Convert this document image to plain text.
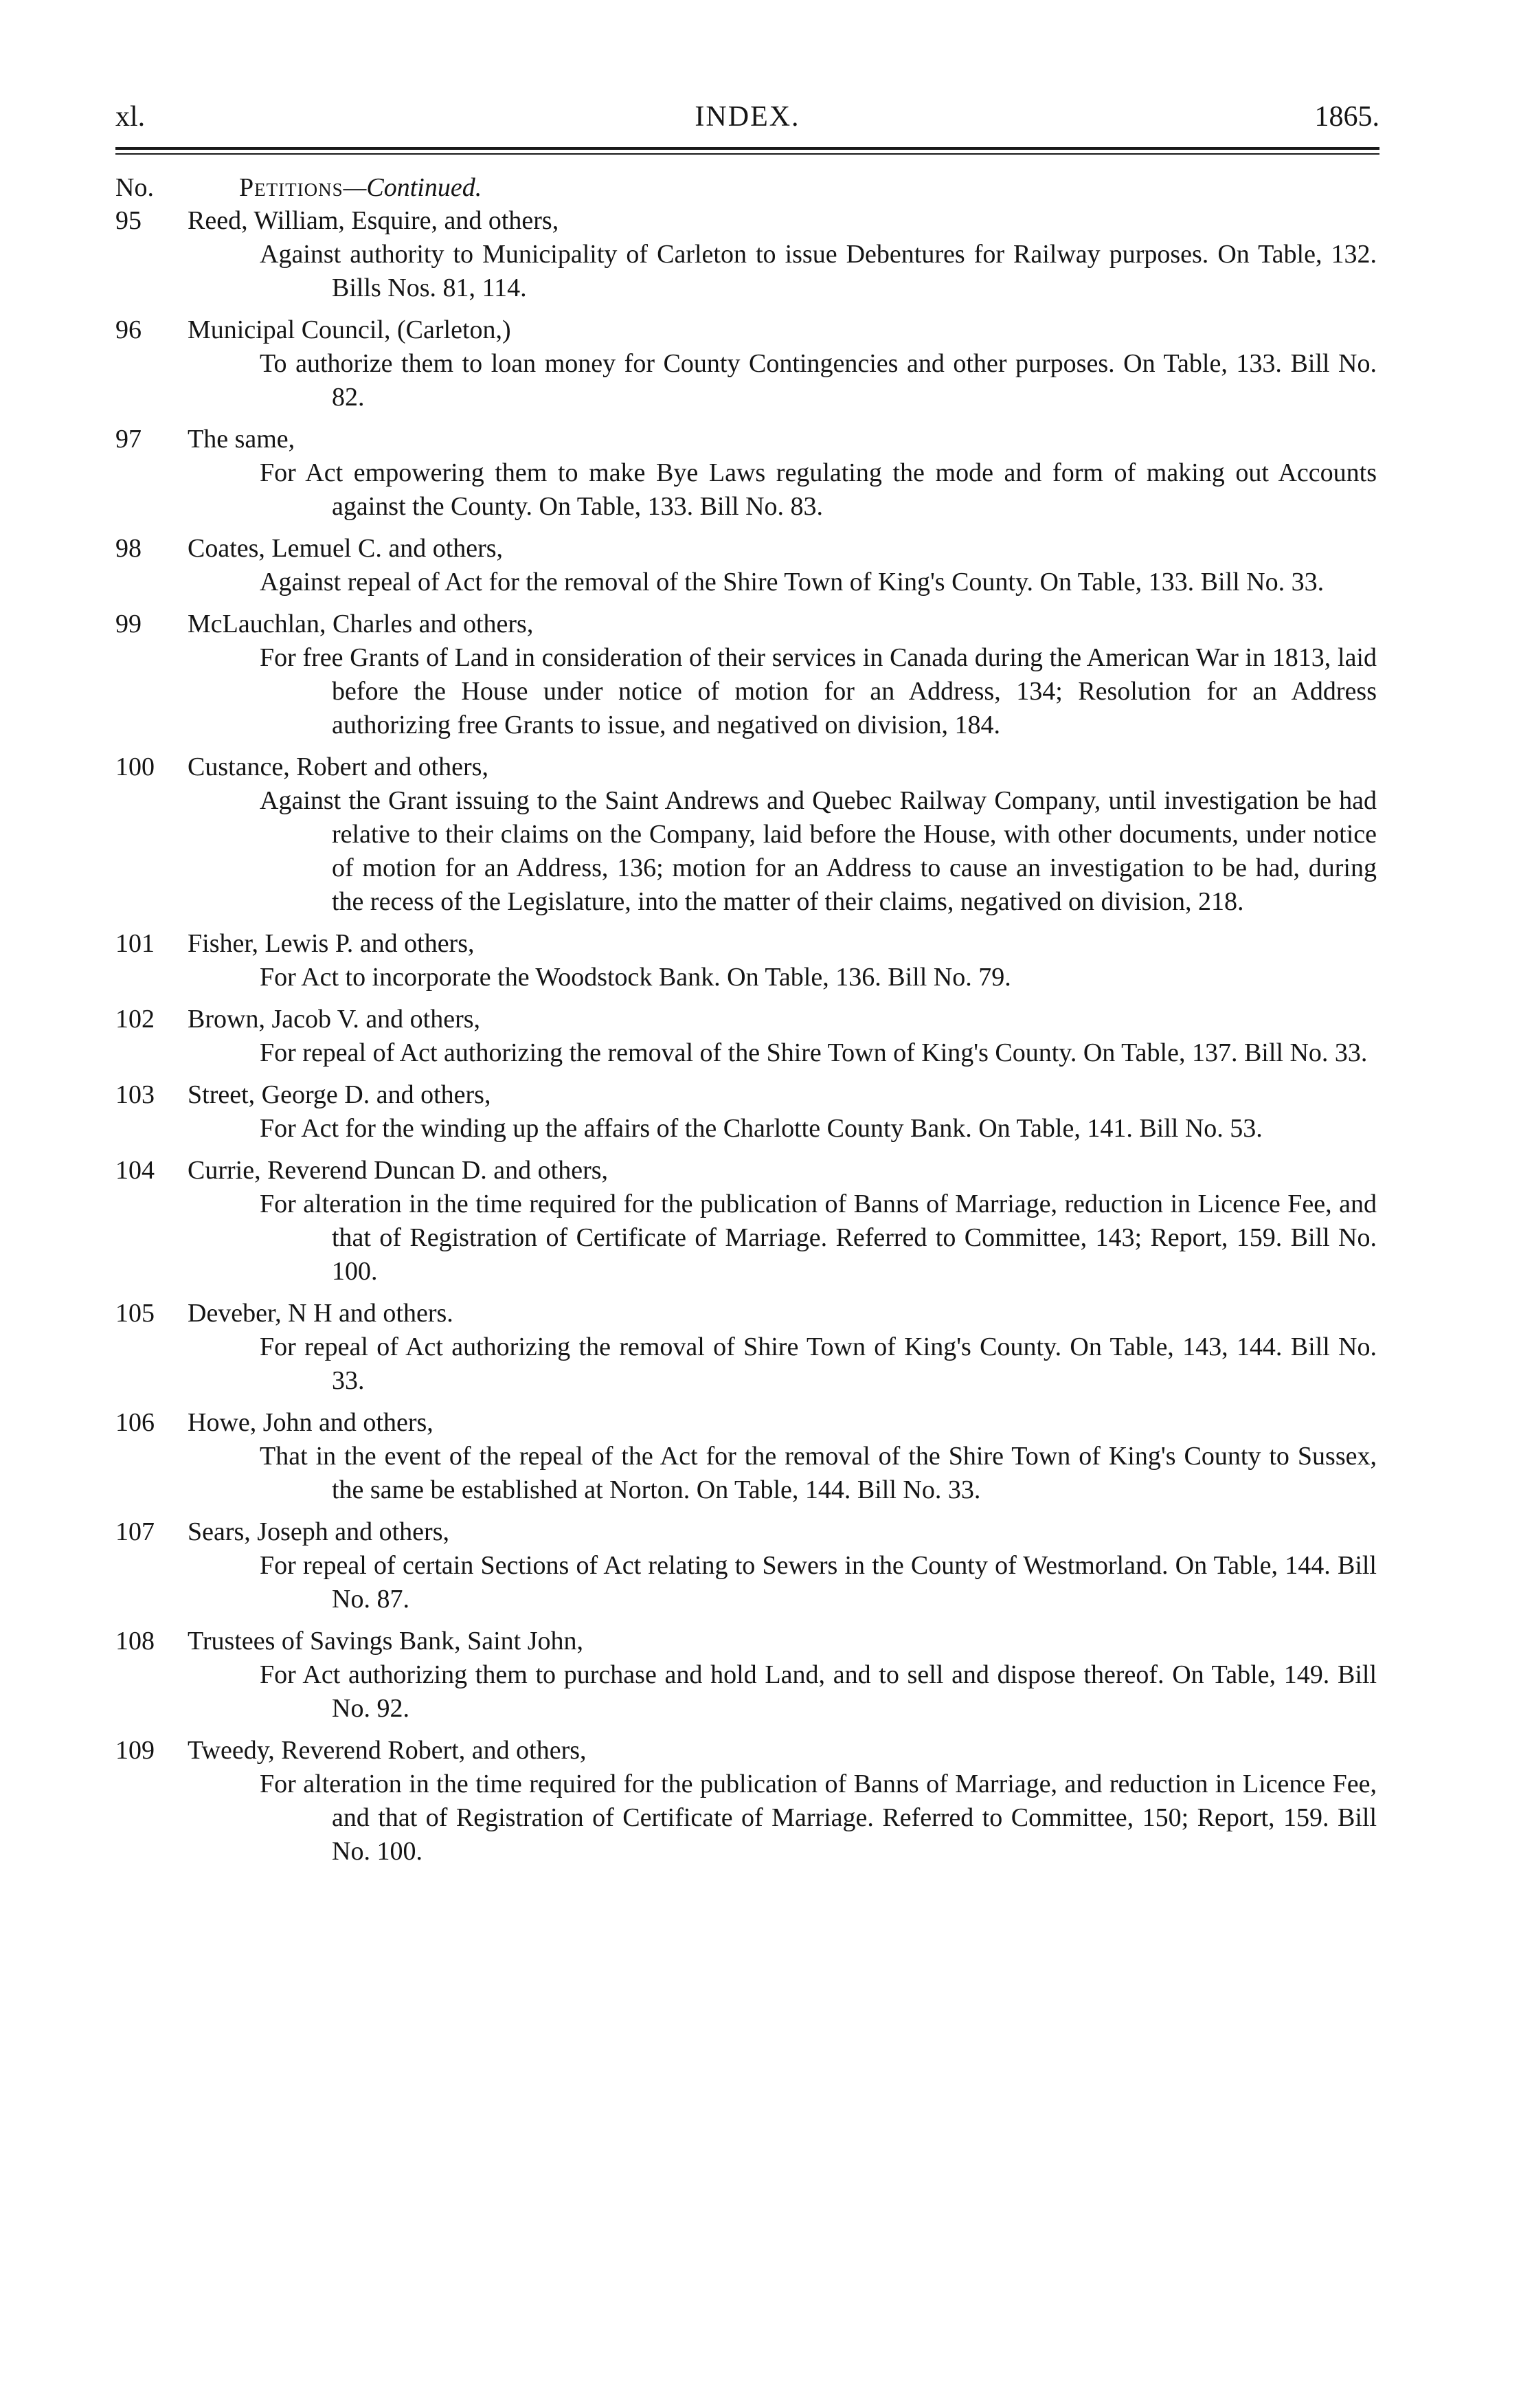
xl.	INDEX.	1865.
No.	Petitions—Continued.
95	Reed, William, Esquire, and others,
Against authority to Municipality of Carleton to issue Debentures for Railway purposes. On Table, 132. Bills Nos. 81, 114.
96	Municipal Council, (Carleton,)
To authorize them to loan money for County Contingencies and other purposes. On Table, 133. Bill No. 82.
97	The same,
For Act empowering them to make Bye Laws regulating the mode and form of making out Accounts against the County. On Table, 133. Bill No. 83.
98	Coates, Lemuel C. and others,
Against repeal of Act for the removal of the Shire Town of King's County. On Table, 133. Bill No. 33.
99	McLauchlan, Charles and others,
For free Grants of Land in consideration of their services in Canada during the American War in 1813, laid before the House under notice of motion for an Address, 134; Resolution for an Address authorizing free Grants to issue, and negatived on division, 184.
100	Custance, Robert and others,
Against the Grant issuing to the Saint Andrews and Quebec Railway Company, until investigation be had relative to their claims on the Company, laid before the House, with other documents, under notice of motion for an Address, 136; motion for an Address to cause an investigation to be had, during the recess of the Legislature, into the matter of their claims, negatived on division, 218.
101	Fisher, Lewis P. and others,
For Act to incorporate the Woodstock Bank. On Table, 136. Bill No. 79.
102	Brown, Jacob V. and others,
For repeal of Act authorizing the removal of the Shire Town of King's County. On Table, 137. Bill No. 33.
103	Street, George D. and others,
For Act for the winding up the affairs of the Charlotte County Bank. On Table, 141. Bill No. 53.
104	Currie, Reverend Duncan D. and others,
For alteration in the time required for the publication of Banns of Marriage, reduction in Licence Fee, and that of Registration of Certificate of Marriage. Referred to Committee, 143; Report, 159. Bill No. 100.
105	Deveber, N H and others.
For repeal of Act authorizing the removal of Shire Town of King's County. On Table, 143, 144. Bill No. 33.
106	Howe, John and others,
That in the event of the repeal of the Act for the removal of the Shire Town of King's County to Sussex, the same be established at Norton. On Table, 144. Bill No. 33.
107	Sears, Joseph and others,
For repeal of certain Sections of Act relating to Sewers in the County of Westmorland. On Table, 144. Bill No. 87.
108	Trustees of Savings Bank, Saint John,
For Act authorizing them to purchase and hold Land, and to sell and dispose thereof. On Table, 149. Bill No. 92.
109	Tweedy, Reverend Robert, and others,
For alteration in the time required for the publication of Banns of Marriage, and reduction in Licence Fee, and that of Registration of Certificate of Marriage. Referred to Committee, 150; Report, 159. Bill No. 100.
